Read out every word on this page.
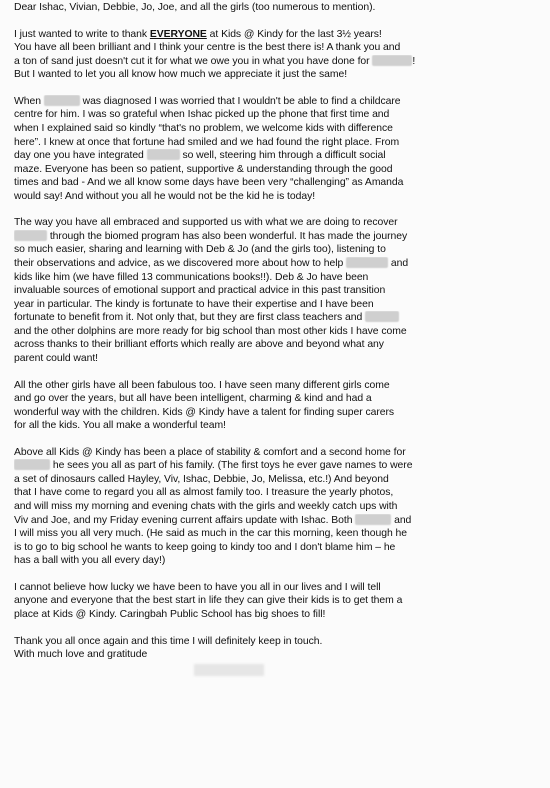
Dear Ishac, Vivian, Debbie, Jo, Joe, and all the girls (too numerous to mention).
I just wanted to write to thank EVERYONE at Kids @ Kindy for the last 3½ years!
You have all been brilliant and I think your centre is the best there is! A thank you and
a ton of sand just doesn't cut it for what we owe you in what you have done for	!
But I wanted to let you all know how much we appreciate it just the same!
When	was diagnosed I was worried that I wouldn't be able to find a childcare
centre for him. I was so grateful when Ishac picked up the phone that first time and
when I explained said so kindly “that's no problem, we welcome kids with difference
here”. I knew at once that fortune had smiled and we had found the right place. From
day one you have integrated	so well, steering him through a difficult social
maze. Everyone has been so patient, supportive & understanding through the good
times and bad - And we all know some days have been very “challenging” as Amanda
would say! And without you all he would not be the kid he is today!
The way you have all embraced and supported us with what we are doing to recover
through the biomed program has also been wonderful. It has made the journey
so much easier, sharing and learning with Deb & Jo (and the girls too), listening to
their observations and advice, as we discovered more about how to help	and
kids like him (we have filled 13 communications books!!). Deb & Jo have been
invaluable sources of emotional support and practical advice in this past transition
year in particular. The kindy is fortunate to have their expertise and I have been
fortunate to benefit from it. Not only that, but they are first class teachers and
and the other dolphins are more ready for big school than most other kids I have come
across thanks to their brilliant efforts which really are above and beyond what any
parent could want!
All the other girls have all been fabulous too. I have seen many different girls come
and go over the years, but all have been intelligent, charming & kind and had a
wonderful way with the children. Kids @ Kindy have a talent for finding super carers
for all the kids. You all make a wonderful team!
Above all Kids @ Kindy has been a place of stability & comfort and a second home for
he sees you all as part of his family. (The first toys he ever gave names to were
a set of dinosaurs called Hayley, Viv, Ishac, Debbie, Jo, Melissa, etc.!) And beyond
that I have come to regard you all as almost family too. I treasure the yearly photos,
and will miss my morning and evening chats with the girls and weekly catch ups with
Viv and Joe, and my Friday evening current affairs update with Ishac. Both	and
I will miss you all very much. (He said as much in the car this morning, keen though he
is to go to big school he wants to keep going to kindy too and I don't blame him – he
has a ball with you all every day!)
I cannot believe how lucky we have been to have you all in our lives and I will tell
anyone and everyone that the best start in life they can give their kids is to get them a
place at Kids @ Kindy. Caringbah Public School has big shoes to fill!
Thank you all once again and this time I will definitely keep in touch.
With much love and gratitude
